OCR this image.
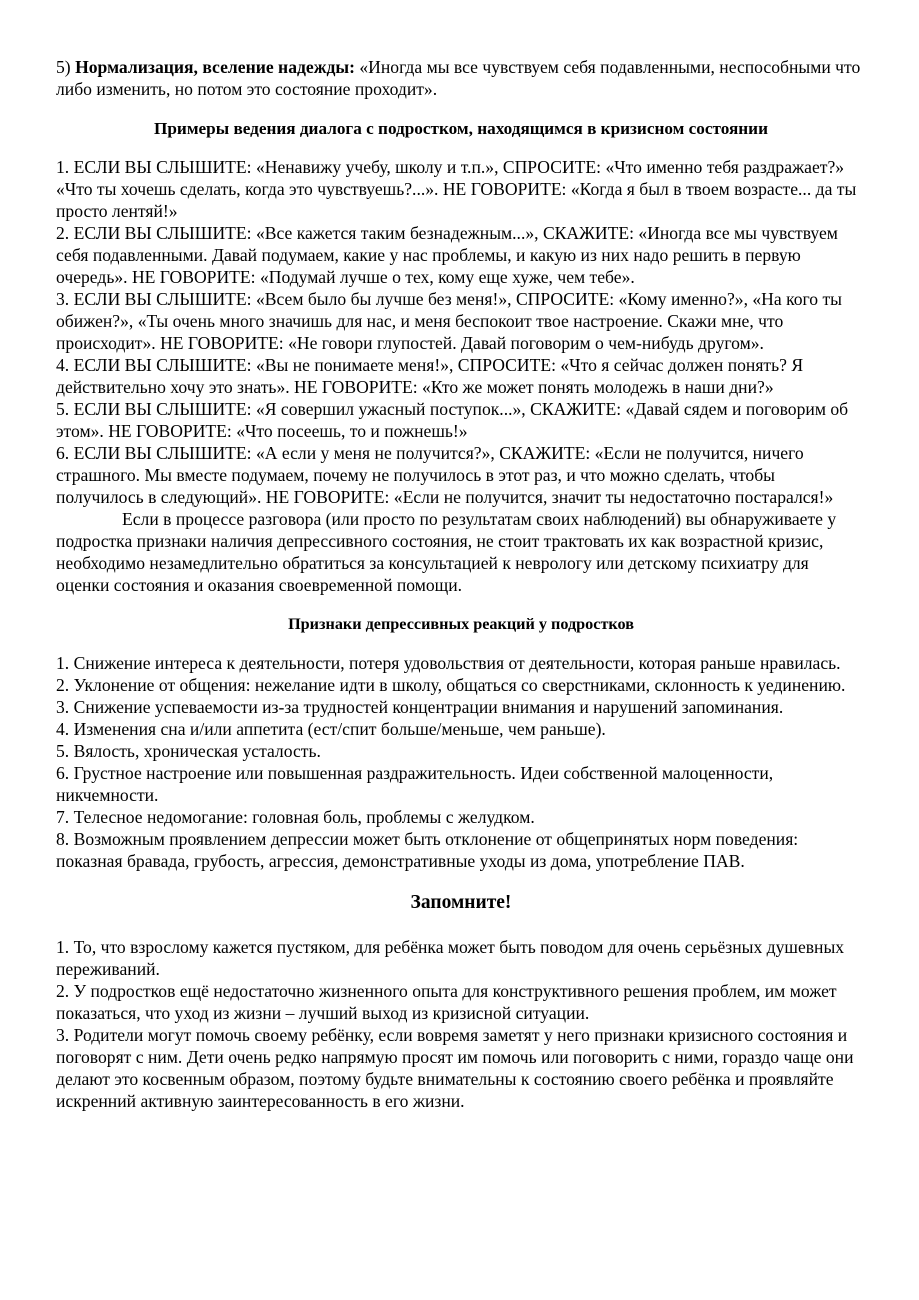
5) Нормализация, вселение надежды: «Иногда мы все чувствуем себя подавленными, неспособными что либо изменить, но потом это состояние проходит».

Примеры ведения диалога с подростком, находящимся в кризисном состоянии

1. ЕСЛИ ВЫ СЛЫШИТЕ: «Ненавижу учебу, школу и т.п.», СПРОСИТЕ: «Что именно тебя раздражает?» «Что ты хочешь сделать, когда это чувствуешь?...». НЕ ГОВОРИТЕ: «Когда я был в твоем возрасте... да ты просто лентяй!»

2. ЕСЛИ ВЫ СЛЫШИТЕ: «Все кажется таким безнадежным...», СКАЖИТЕ: «Иногда все мы чувствуем себя подавленными. Давай подумаем, какие у нас проблемы, и какую из них надо решить в первую очередь». НЕ ГОВОРИТЕ: «Подумай лучше о тех, кому еще хуже, чем тебе».

3. ЕСЛИ ВЫ СЛЫШИТЕ: «Всем было бы лучше без меня!», СПРОСИТЕ: «Кому именно?», «На кого ты обижен?», «Ты очень много значишь для нас, и меня беспокоит твое настроение. Скажи мне, что происходит». НЕ ГОВОРИТЕ: «Не говори глупостей. Давай поговорим о чем-нибудь другом».

4. ЕСЛИ ВЫ СЛЫШИТЕ: «Вы не понимаете меня!», СПРОСИТЕ: «Что я сейчас должен понять? Я действительно хочу это знать». НЕ ГОВОРИТЕ: «Кто же может понять молодежь в наши дни?»

5. ЕСЛИ ВЫ СЛЫШИТЕ: «Я совершил ужасный поступок...», СКАЖИТЕ: «Давай сядем и поговорим об этом». НЕ ГОВОРИТЕ: «Что посеешь, то и пожнешь!»

6. ЕСЛИ ВЫ СЛЫШИТЕ: «А если у меня не получится?», СКАЖИТЕ: «Если не получится, ничего страшного. Мы вместе подумаем, почему не получилось в этот раз, и что можно сделать, чтобы получилось в следующий». НЕ ГОВОРИТЕ: «Если не получится, значит ты недостаточно постарался!»

Если в процессе разговора (или просто по результатам своих наблюдений) вы обнаруживаете у подростка признаки наличия депрессивного состояния, не стоит трактовать их как возрастной кризис, необходимо незамедлительно обратиться за консультацией к неврологу или детскому психиатру для оценки состояния и оказания своевременной помощи.

Признаки депрессивных реакций у подростков

1. Снижение интереса к деятельности, потеря удовольствия от деятельности, которая раньше нравилась.

2. Уклонение от общения: нежелание идти в школу, общаться со сверстниками, склонность к уединению.

3. Снижение успеваемости из-за трудностей концентрации внимания и нарушений запоминания.

4. Изменения сна и/или аппетита (ест/спит больше/меньше, чем раньше).

5. Вялость, хроническая усталость.

6. Грустное настроение или повышенная раздражительность. Идеи собственной малоценности, никчемности.

7. Телесное недомогание: головная боль, проблемы с желудком.

8. Возможным проявлением депрессии может быть отклонение от общепринятых норм поведения: показная бравада, грубость, агрессия, демонстративные уходы из дома, употребление ПАВ.

Запомните!

1. То, что взрослому кажется пустяком, для ребёнка может быть поводом для очень серьёзных душевных переживаний.

2. У подростков ещё недостаточно жизненного опыта для конструктивного решения проблем, им может показаться, что уход из жизни – лучший выход из кризисной ситуации.

3. Родители могут помочь своему ребёнку, если вовремя заметят у него признаки кризисного состояния и поговорят с ним. Дети очень редко напрямую просят им помочь или поговорить с ними, гораздо чаще они делают это косвенным образом, поэтому будьте внимательны к состоянию своего ребёнка и проявляйте искренний активную заинтересованность в его жизни.
